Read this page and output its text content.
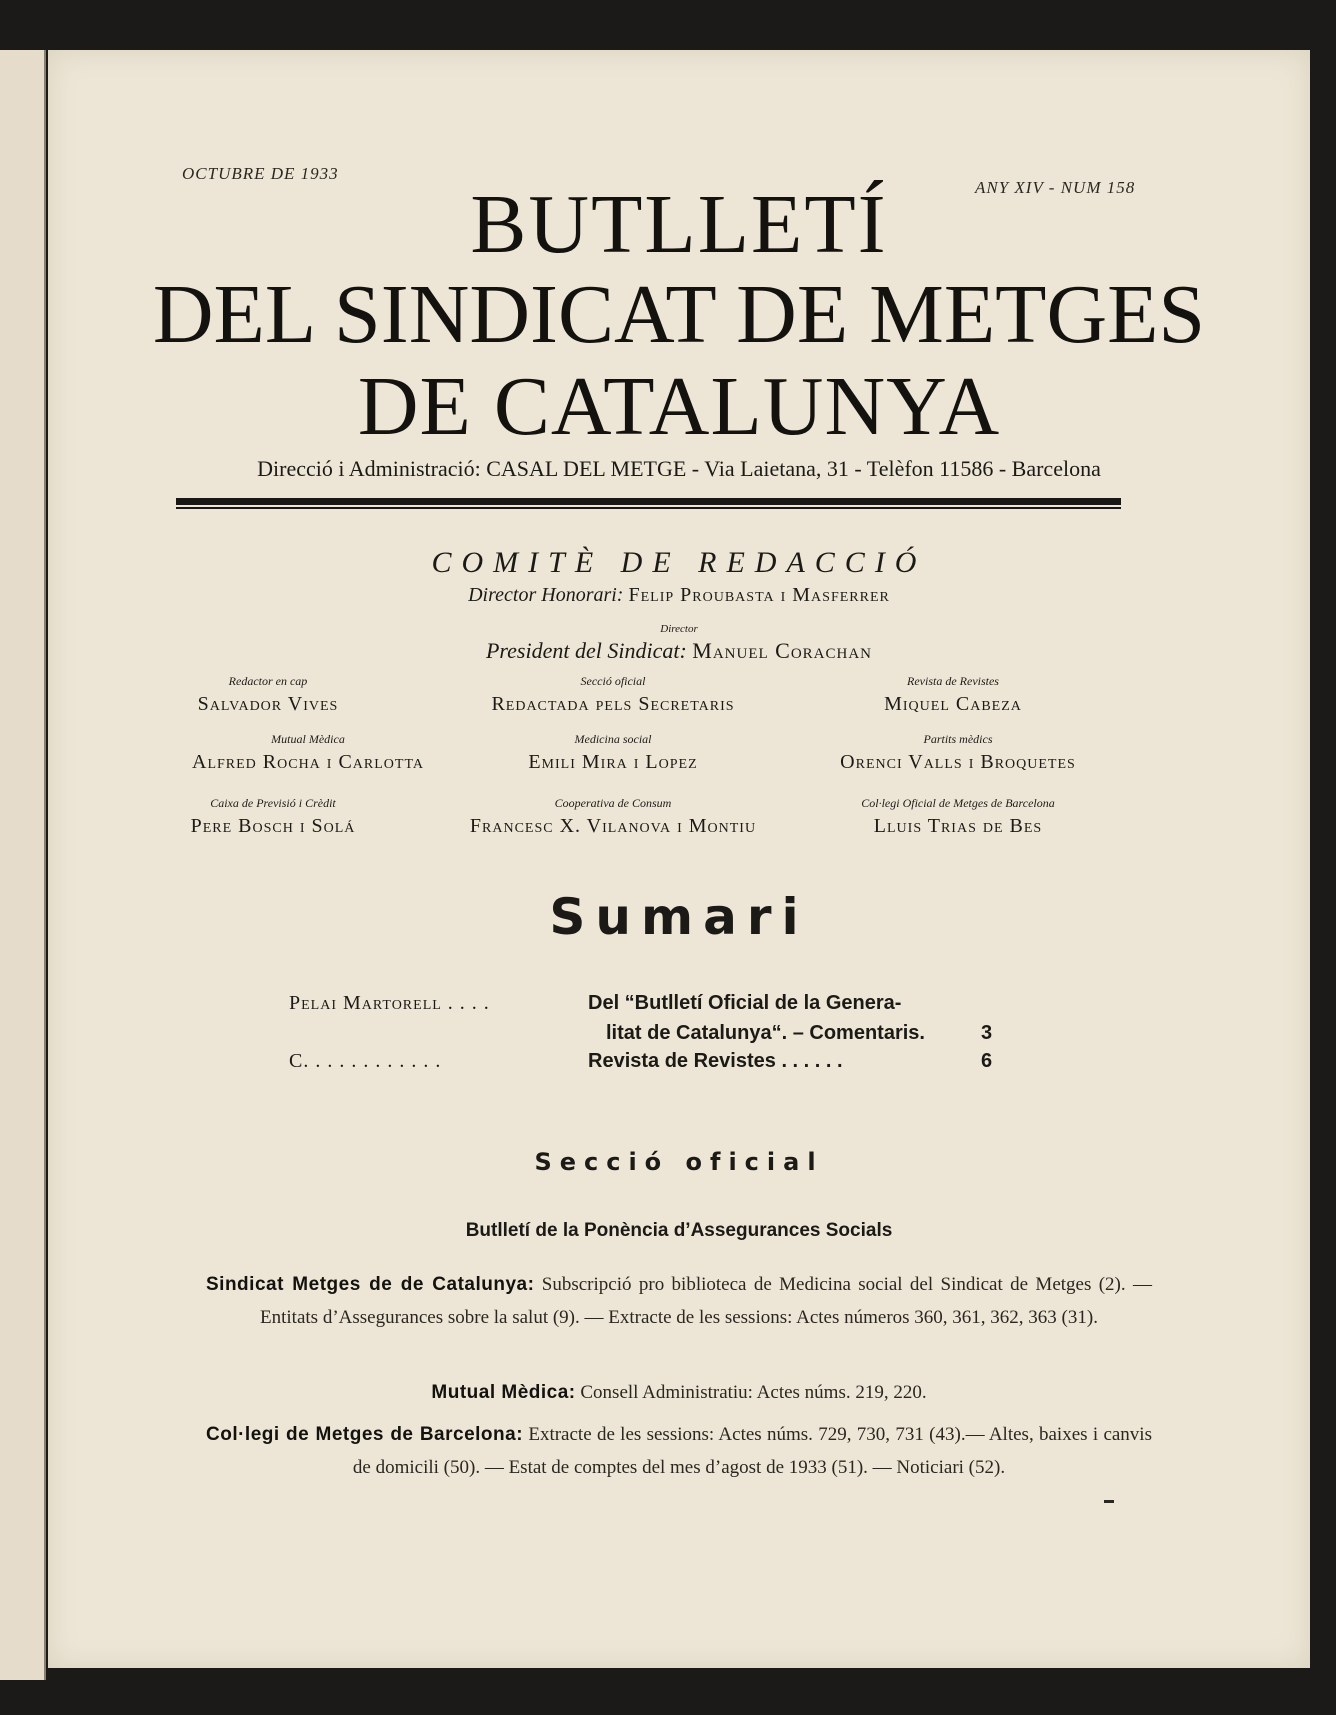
OCTUBRE DE 1933
ANY XIV - NUM 158
BUTLLETÍ
DEL SINDICAT DE METGES
DE CATALUNYA
Direcció i Administració: CASAL DEL METGE - Via Laietana, 31 - Telèfon 11586 - Barcelona
COMITÈ DE REDACCIÓ
Director Honorari: Felip Proubasta i Masferrer
Director
President del Sindicat: Manuel Corachan
Redactor en cap
Salvador Vives
Secció oficial
Redactada pels Secretaris
Revista de Revistes
Miquel Cabeza
Mutual Mèdica
Alfred Rocha i Carlotta
Medicina social
Emili Mira i Lopez
Partits mèdics
Orenci Valls i Broquetes
Caixa de Previsió i Crèdit
Pere Bosch i Solá
Cooperativa de Consum
Francesc X. Vilanova i Montiu
Col·legi Oficial de Metges de Barcelona
Lluis Trias de Bes
Sumari
Pelai Martorell . . . .	Del “Butlletí Oficial de la Genera-
litat de Catalunya“. – Comentaris.	3
C. . . . . . . . . . . .	Revista de Revistes . . . . . .	6
Secció oficial
Butlletí de la Ponència d’Assegurances Socials
Sindicat Metges de de Catalunya: Subscripció pro biblioteca de Medicina social del Sindicat de Metges (2). — Entitats d’Assegurances sobre la salut (9). — Extracte de les sessions: Actes números 360, 361, 362, 363 (31).
Mutual Mèdica: Consell Administratiu: Actes núms. 219, 220.
Col·legi de Metges de Barcelona: Extracte de les sessions: Actes núms. 729, 730, 731 (43).— Altes, baixes i canvis de domicili (50). — Estat de comptes del mes d’agost de 1933 (51). — Noticiari (52).
